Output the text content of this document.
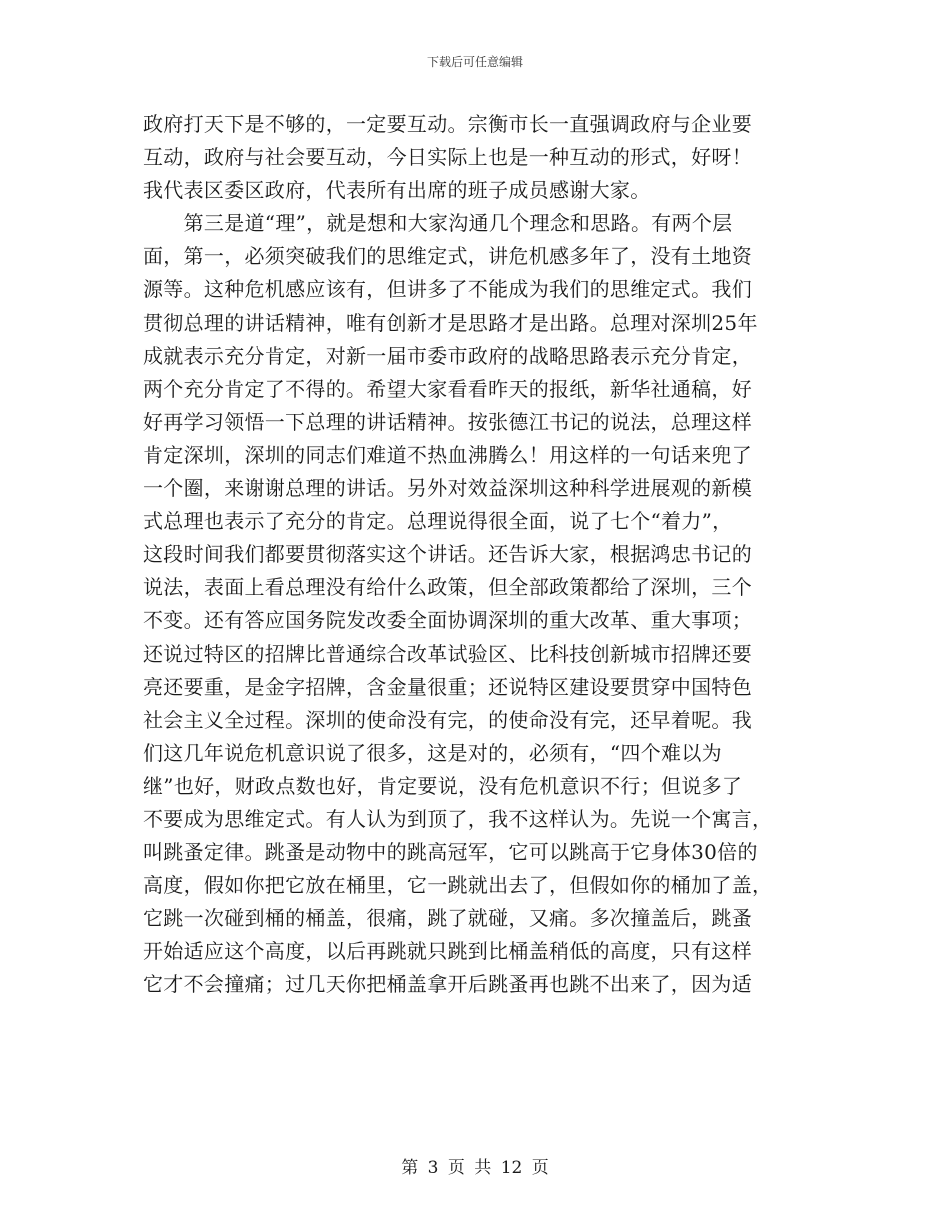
下载后可任意编辑
政府打天下是不够的，一定要互动。宗衡市长一直强调政府与企业要
互动，政府与社会要互动，今日实际上也是一种互动的形式，好呀！
我代表区委区政府，代表所有出席的班子成员感谢大家。
　　第三是道“理”，就是想和大家沟通几个理念和思路。有两个层
面，第一，必须突破我们的思维定式，讲危机感多年了，没有土地资
源等。这种危机感应该有，但讲多了不能成为我们的思维定式。我们
贯彻总理的讲话精神，唯有创新才是思路才是出路。总理对深圳25年
成就表示充分肯定，对新一届市委市政府的战略思路表示充分肯定，
两个充分肯定了不得的。希望大家看看昨天的报纸，新华社通稿，好
好再学习领悟一下总理的讲话精神。按张德江书记的说法，总理这样
肯定深圳，深圳的同志们难道不热血沸腾么！用这样的一句话来兜了
一个圈，来谢谢总理的讲话。另外对效益深圳这种科学进展观的新模
式总理也表示了充分的肯定。总理说得很全面，说了七个“着力”，
这段时间我们都要贯彻落实这个讲话。还告诉大家，根据鸿忠书记的
说法，表面上看总理没有给什么政策，但全部政策都给了深圳，三个
不变。还有答应国务院发改委全面协调深圳的重大改革、重大事项；
还说过特区的招牌比普通综合改革试验区、比科技创新城市招牌还要
亮还要重，是金字招牌，含金量很重；还说特区建设要贯穿中国特色
社会主义全过程。深圳的使命没有完，的使命没有完，还早着呢。我
们这几年说危机意识说了很多，这是对的，必须有，“四个难以为
继”也好，财政点数也好，肯定要说，没有危机意识不行；但说多了
不要成为思维定式。有人认为到顶了，我不这样认为。先说一个寓言，
叫跳蚤定律。跳蚤是动物中的跳高冠军，它可以跳高于它身体30倍的
高度，假如你把它放在桶里，它一跳就出去了，但假如你的桶加了盖，
它跳一次碰到桶的桶盖，很痛，跳了就碰，又痛。多次撞盖后，跳蚤
开始适应这个高度，以后再跳就只跳到比桶盖稍低的高度，只有这样
它才不会撞痛；过几天你把桶盖拿开后跳蚤再也跳不出来了，因为适
第 3 页 共 12 页
